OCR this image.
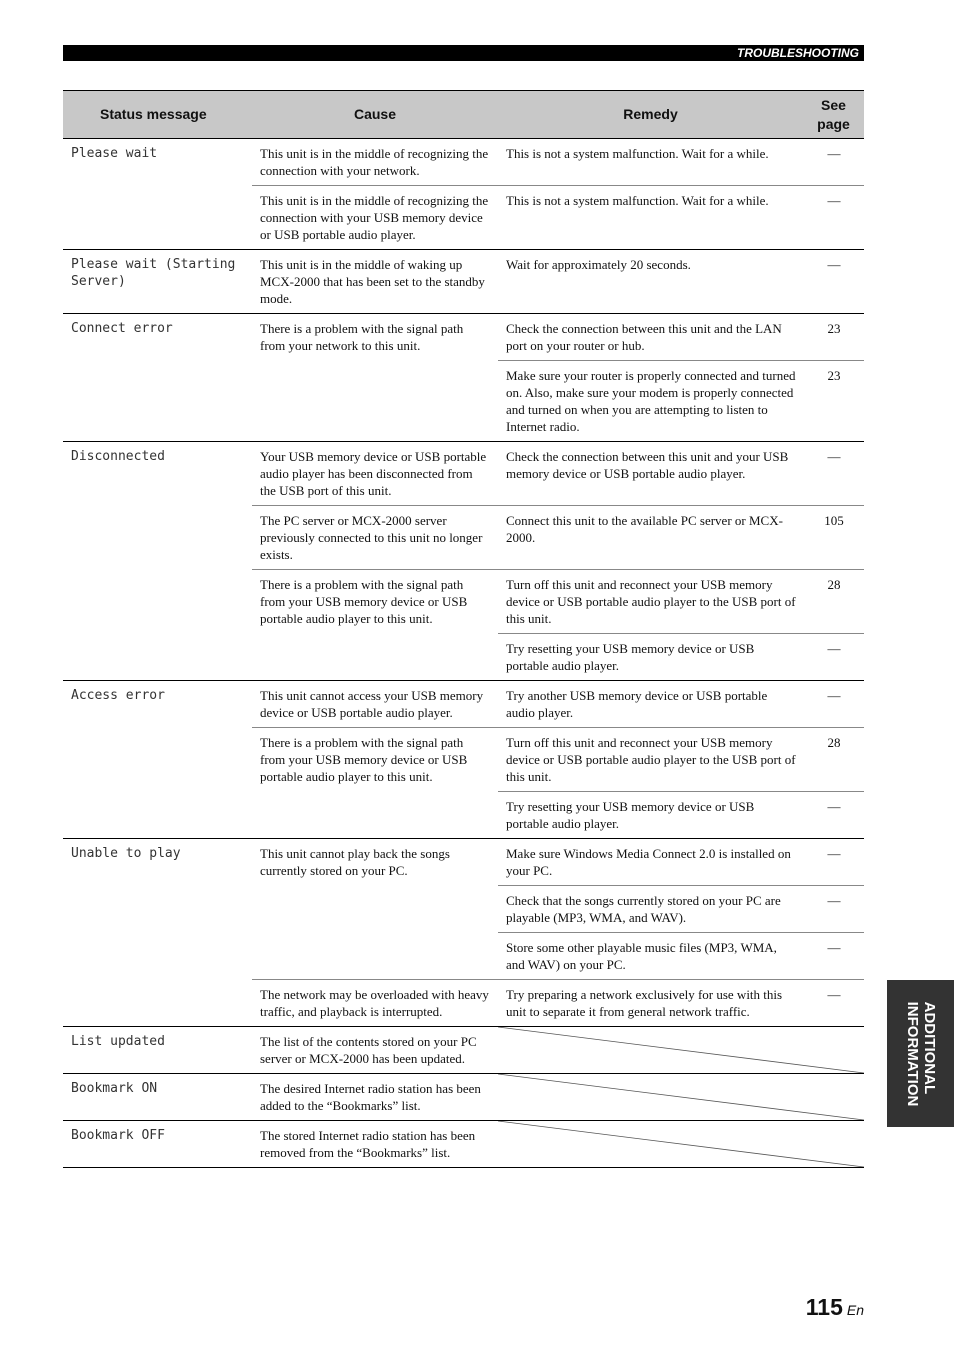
TROUBLESHOOTING
Status message	Cause	Remedy	See page
Please wait	This unit is in the middle of recognizing the connection with your network.	This is not a system malfunction. Wait for a while.	—
	This unit is in the middle of recognizing the connection with your USB memory device or USB portable audio player.	This is not a system malfunction. Wait for a while.	—
Please wait (Starting Server)	This unit is in the middle of waking up MCX-2000 that has been set to the standby mode.	Wait for approximately 20 seconds.	—
Connect error	There is a problem with the signal path from your network to this unit.	Check the connection between this unit and the LAN port on your router or hub.	23
		Make sure your router is properly connected and turned on. Also, make sure your modem is properly connected and turned on when you are attempting to listen to Internet radio.	23
Disconnected	Your USB memory device or USB portable audio player has been disconnected from the USB port of this unit.	Check the connection between this unit and your USB memory device or USB portable audio player.	—
	The PC server or MCX-2000 server previously connected to this unit no longer exists.	Connect this unit to the available PC server or MCX-2000.	105
	There is a problem with the signal path from your USB memory device or USB portable audio player to this unit.	Turn off this unit and reconnect your USB memory device or USB portable audio player to the USB port of this unit.	28
		Try resetting your USB memory device or USB portable audio player.	—
Access error	This unit cannot access your USB memory device or USB portable audio player.	Try another USB memory device or USB portable audio player.	—
	There is a problem with the signal path from your USB memory device or USB portable audio player to this unit.	Turn off this unit and reconnect your USB memory device or USB portable audio player to the USB port of this unit.	28
		Try resetting your USB memory device or USB portable audio player.	—
Unable to play	This unit cannot play back the songs currently stored on your PC.	Make sure Windows Media Connect 2.0 is installed on your PC.	—
		Check that the songs currently stored on your PC are playable (MP3, WMA, and WAV).	—
		Store some other playable music files (MP3, WMA, and WAV) on your PC.	—
	The network may be overloaded with heavy traffic, and playback is interrupted.	Try preparing a network exclusively for use with this unit to separate it from general network traffic.	—
List updated	The list of the contents stored on your PC server or MCX-2000 has been updated.	

Bookmark ON	The desired Internet radio station has been added to the “Bookmarks” list.	

Bookmark OFF	The stored Internet radio station has been removed from the “Bookmarks” list.	
ADDITIONAL
INFORMATION
115 En
